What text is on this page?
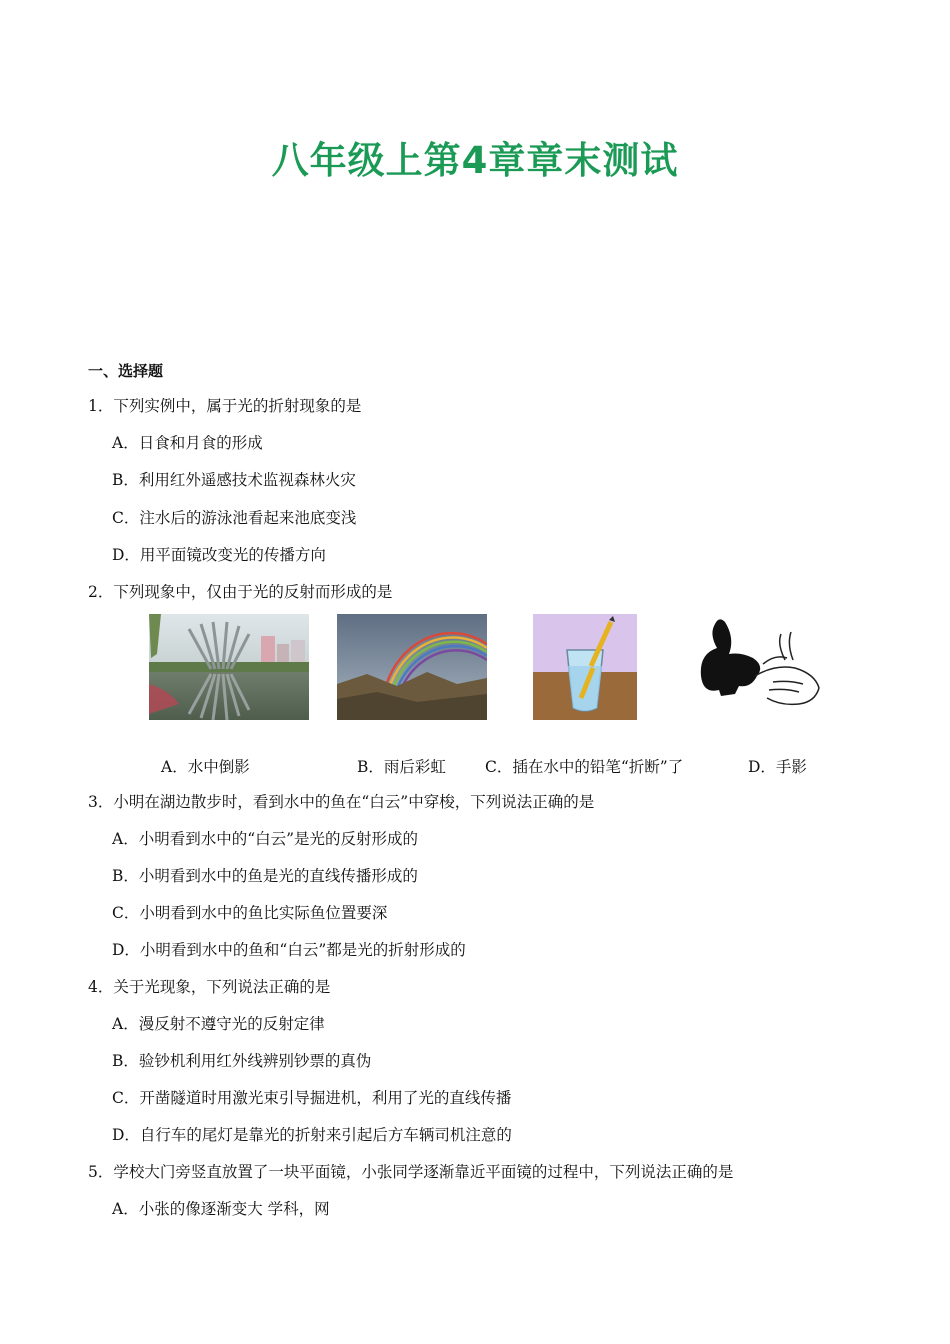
八年级上第4章章末测试
一、选择题
1．下列实例中，属于光的折射现象的是
A．日食和月食的形成
B．利用红外遥感技术监视森林火灾
C．注水后的游泳池看起来池底变浅
D．用平面镜改变光的传播方向
2．下列现象中，仅由于光的反射而形成的是
A．水中倒影	B．雨后彩虹	C．插在水中的铅笔“折断”了	D．手影
3．小明在湖边散步时，看到水中的鱼在“白云”中穿梭，下列说法正确的是
A．小明看到水中的“白云”是光的反射形成的
B．小明看到水中的鱼是光的直线传播形成的
C．小明看到水中的鱼比实际鱼位置要深
D．小明看到水中的鱼和“白云”都是光的折射形成的
4．关于光现象，下列说法正确的是
A．漫反射不遵守光的反射定律
B．验钞机利用红外线辨别钞票的真伪
C．开凿隧道时用激光束引导掘进机，利用了光的直线传播
D．自行车的尾灯是靠光的折射来引起后方车辆司机注意的
5．学校大门旁竖直放置了一块平面镜，小张同学逐渐靠近平面镜的过程中，下列说法正确的是
A．小张的像逐渐变大 学科，网
